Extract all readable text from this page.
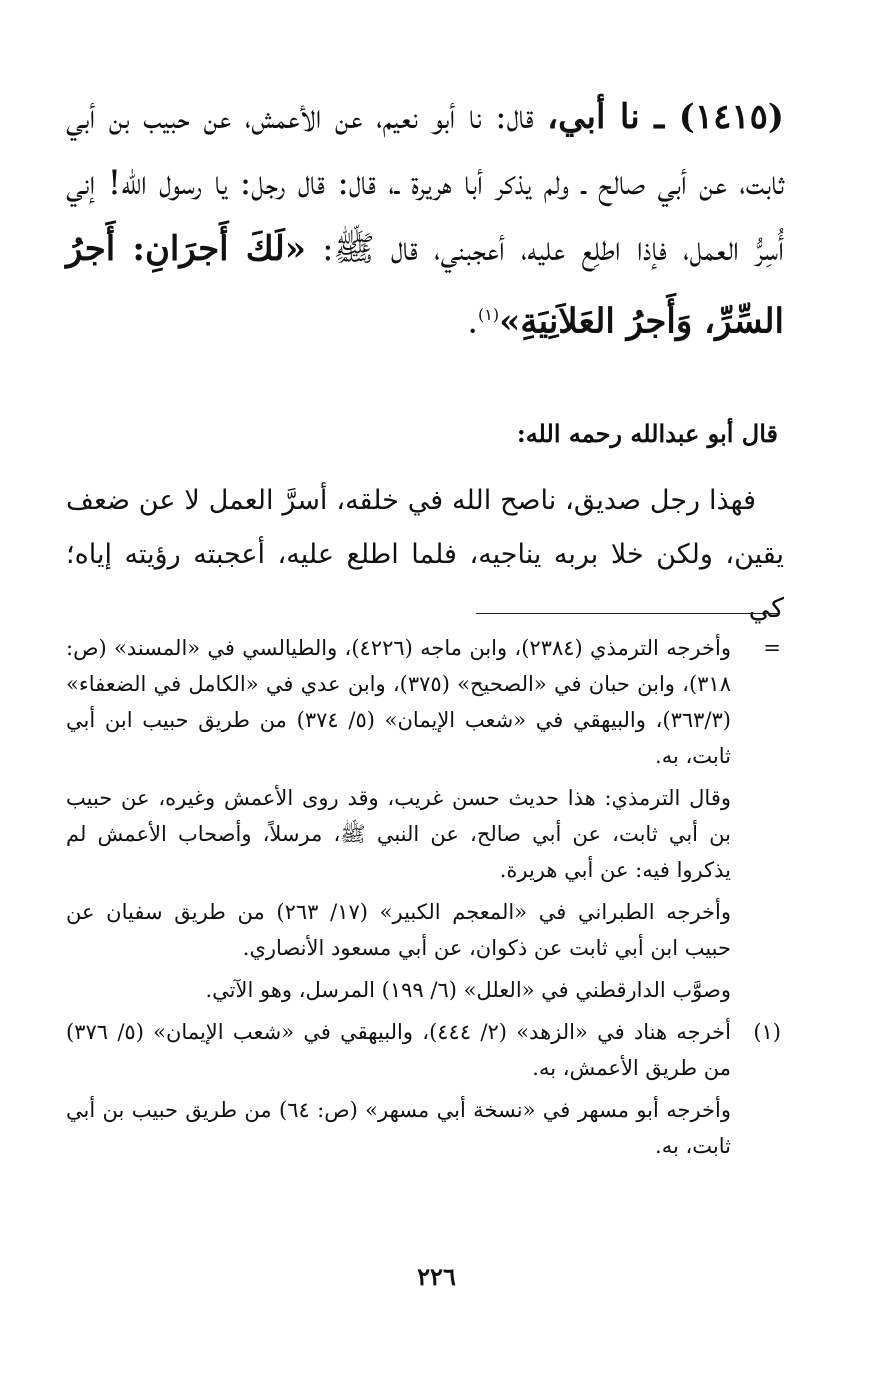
(١٤١٥) ـ نا أبي، قال: نا أبو نعيم، عن الأعمش، عن حبيب بن أبي ثابت، عن أبي صالح ـ ولم يذكر أبا هريرة ـ، قال: قال رجل: يا رسول الله! إني أُسِرُّ العمل، فإذا اطلِع عليه، أعجبني، قال ﷺ: «لَكَ أَجرَانِ: أَجرُ السِّرِّ، وَأَجرُ العَلاَنِيَةِ»$^{(١)}$.

قال أبو عبدالله رحمه الله:

فهذا رجل صديق، ناصح الله في خلقه، أسرَّ العمل لا عن ضعف يقين، ولكن خلا بربه يناجيه، فلما اطلع عليه، أعجبته رؤيته إياه؛ كي

=
وأخرجه الترمذي (٢٣٨٤)، وابن ماجه (٤٢٢٦)، والطيالسي في «المسند» (ص: ٣١٨)، وابن حبان في «الصحيح» (٣٧٥)، وابن عدي في «الكامل في الضعفاء» (٣٦٣/٣)، والبيهقي في «شعب الإيمان» (٥/ ٣٧٤) من طريق حبيب ابن أبي ثابت، به.
وقال الترمذي: هذا حديث حسن غريب، وقد روى الأعمش وغيره، عن حبيب بن أبي ثابت، عن أبي صالح، عن النبي ﷺ، مرسلاً، وأصحاب الأعمش لم يذكروا فيه: عن أبي هريرة.
وأخرجه الطبراني في «المعجم الكبير» (١٧/ ٢٦٣) من طريق سفيان عن حبيب ابن أبي ثابت عن ذكوان، عن أبي مسعود الأنصاري.
وصوَّب الدارقطني في «العلل» (٦/ ١٩٩) المرسل، وهو الآتي.
(١)
أخرجه هناد في «الزهد» (٢/ ٤٤٤)، والبيهقي في «شعب الإيمان» (٥/ ٣٧٦) من طريق الأعمش، به.
وأخرجه أبو مسهر في «نسخة أبي مسهر» (ص: ٦٤) من طريق حبيب بن أبي ثابت، به.
٢٢٦
